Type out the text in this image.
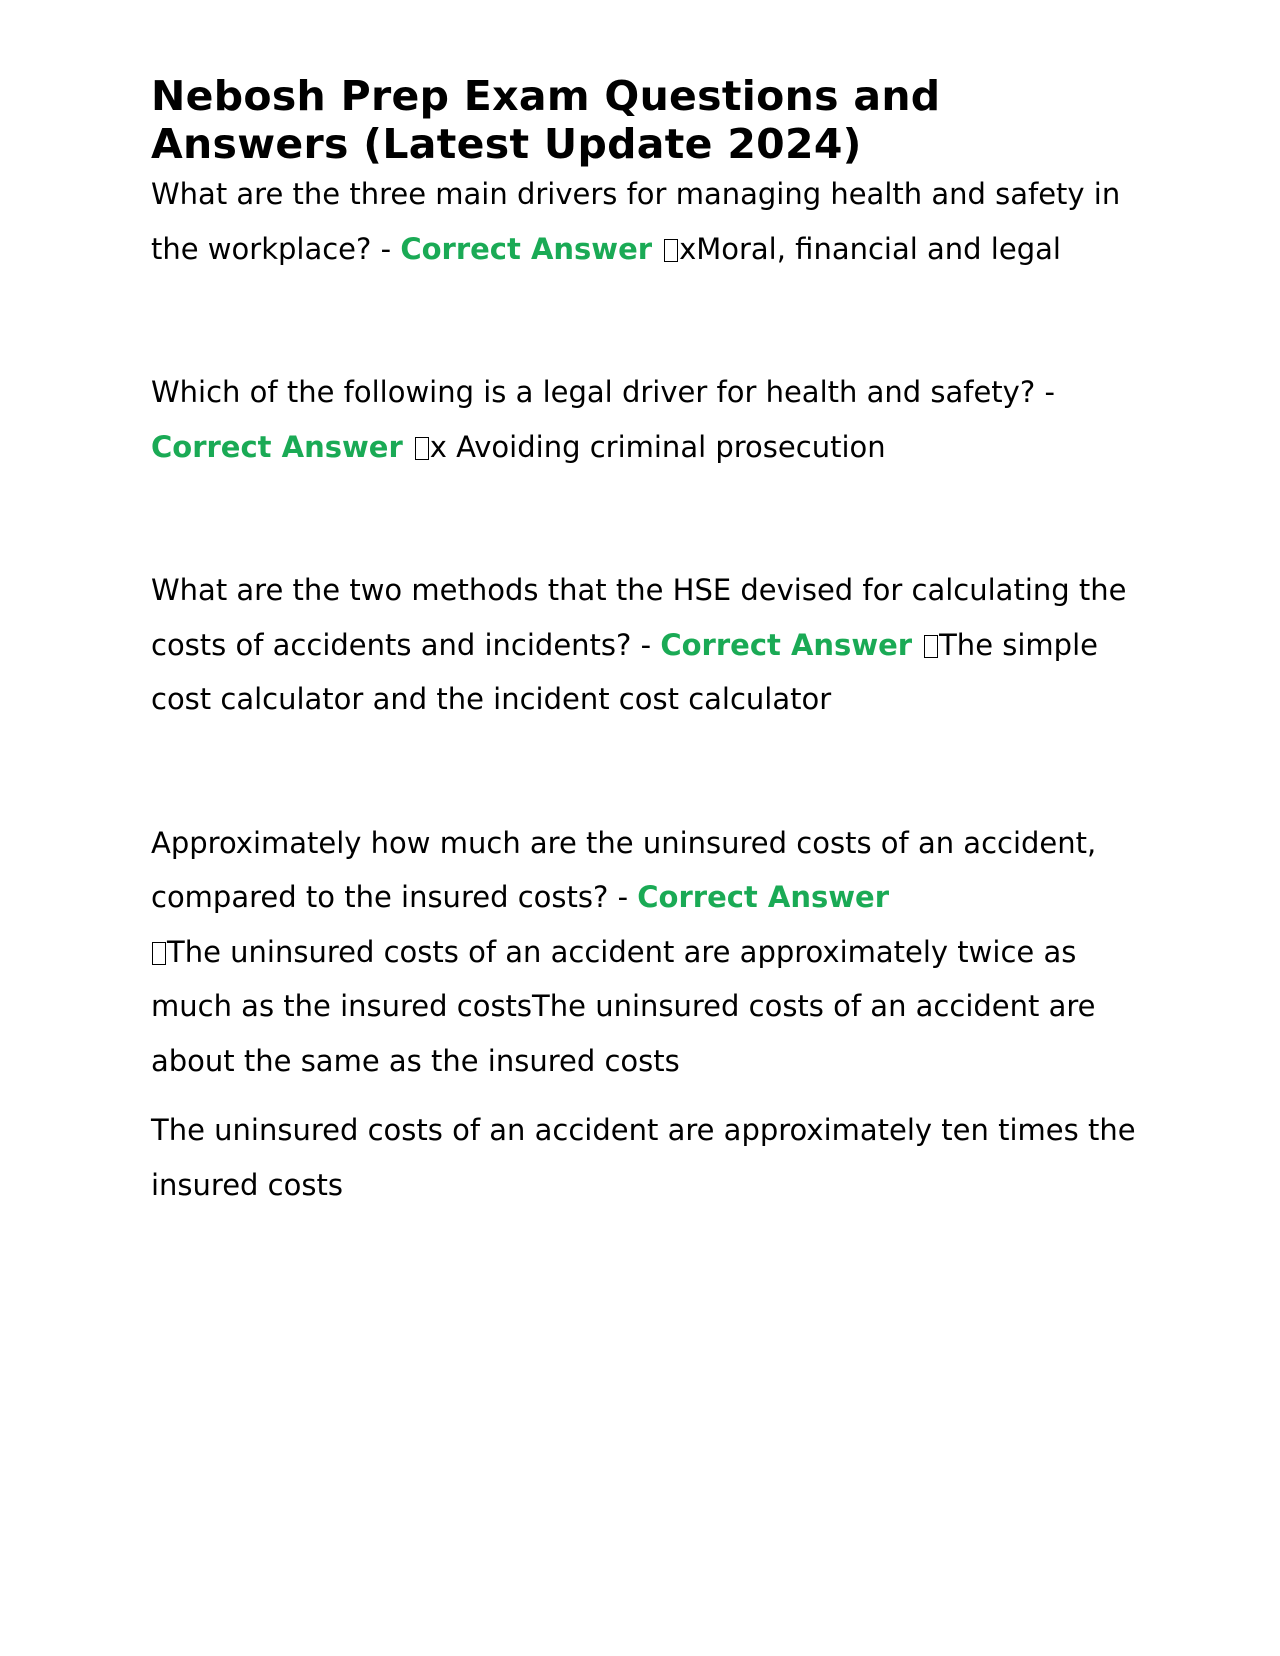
Nebosh Prep Exam Questions and Answers (Latest Update 2024)

What are the three main drivers for managing health and safety in the workplace? - Correct Answer xMoral, financial and legal

Which of the following is a legal driver for health and safety? - Correct Answer x Avoiding criminal prosecution

What are the two methods that the HSE devised for calculating the costs of accidents and incidents? - Correct Answer The simple cost calculator and the incident cost calculator

Approximately how much are the uninsured costs of an accident, compared to the insured costs? - Correct Answer
The uninsured costs of an accident are approximately twice as much as the insured costsThe uninsured costs of an accident are about the same as the insured costs

The uninsured costs of an accident are approximately ten times the insured costs
